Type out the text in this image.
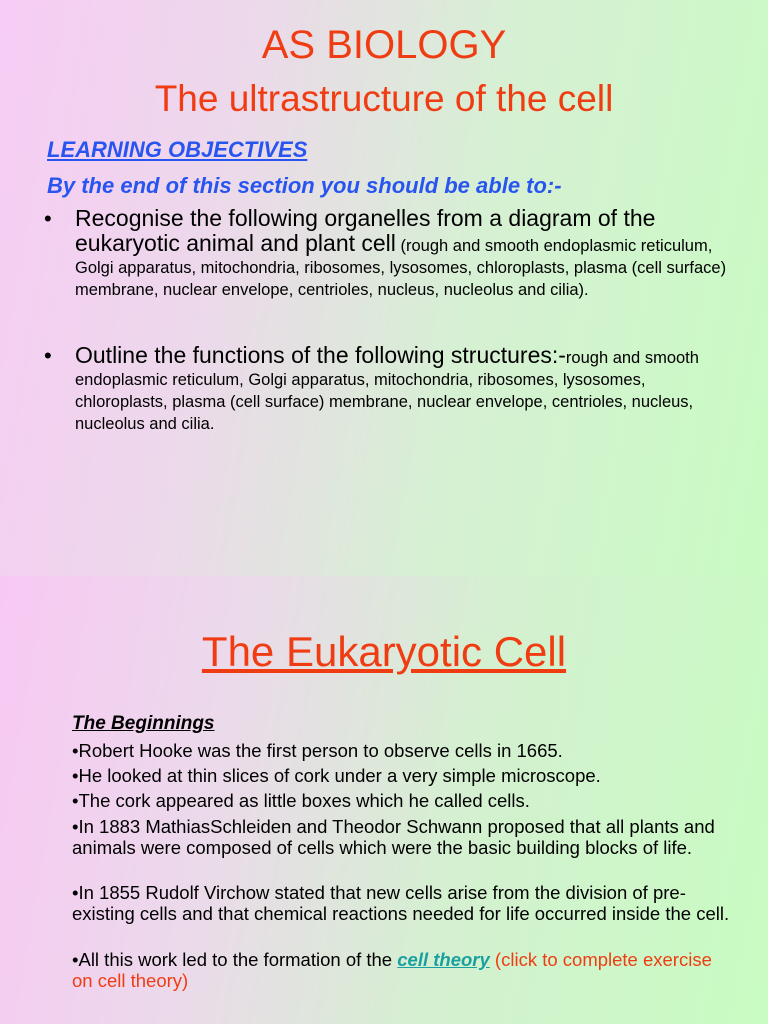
AS BIOLOGY
The ultrastructure of the cell
LEARNING OBJECTIVES
By the end of this section you should be able to:-
• Recognise the following organelles from a diagram of the eukaryotic animal and plant cell (rough and smooth endoplasmic reticulum, Golgi apparatus, mitochondria, ribosomes, lysosomes, chloroplasts, plasma (cell surface) membrane, nuclear envelope, centrioles, nucleus, nucleolus and cilia).
• Outline the functions of the following structures:-rough and smooth endoplasmic reticulum, Golgi apparatus, mitochondria, ribosomes, lysosomes, chloroplasts, plasma (cell surface) membrane, nuclear envelope, centrioles, nucleus, nucleolus and cilia.
The Eukaryotic Cell
The Beginnings
•Robert Hooke was the first person to observe cells in 1665.
•He looked at thin slices of cork under a very simple microscope.
•The cork appeared as little boxes which he called cells.
•In 1883 MathiasSchleiden and Theodor Schwann proposed that all plants and animals were composed of cells which were the basic building blocks of life.
•In 1855 Rudolf Virchow stated that new cells arise from the division of pre-existing cells and that chemical reactions needed for life occurred inside the cell.
•All this work led to the formation of the cell theory (click to complete exercise on cell theory)
